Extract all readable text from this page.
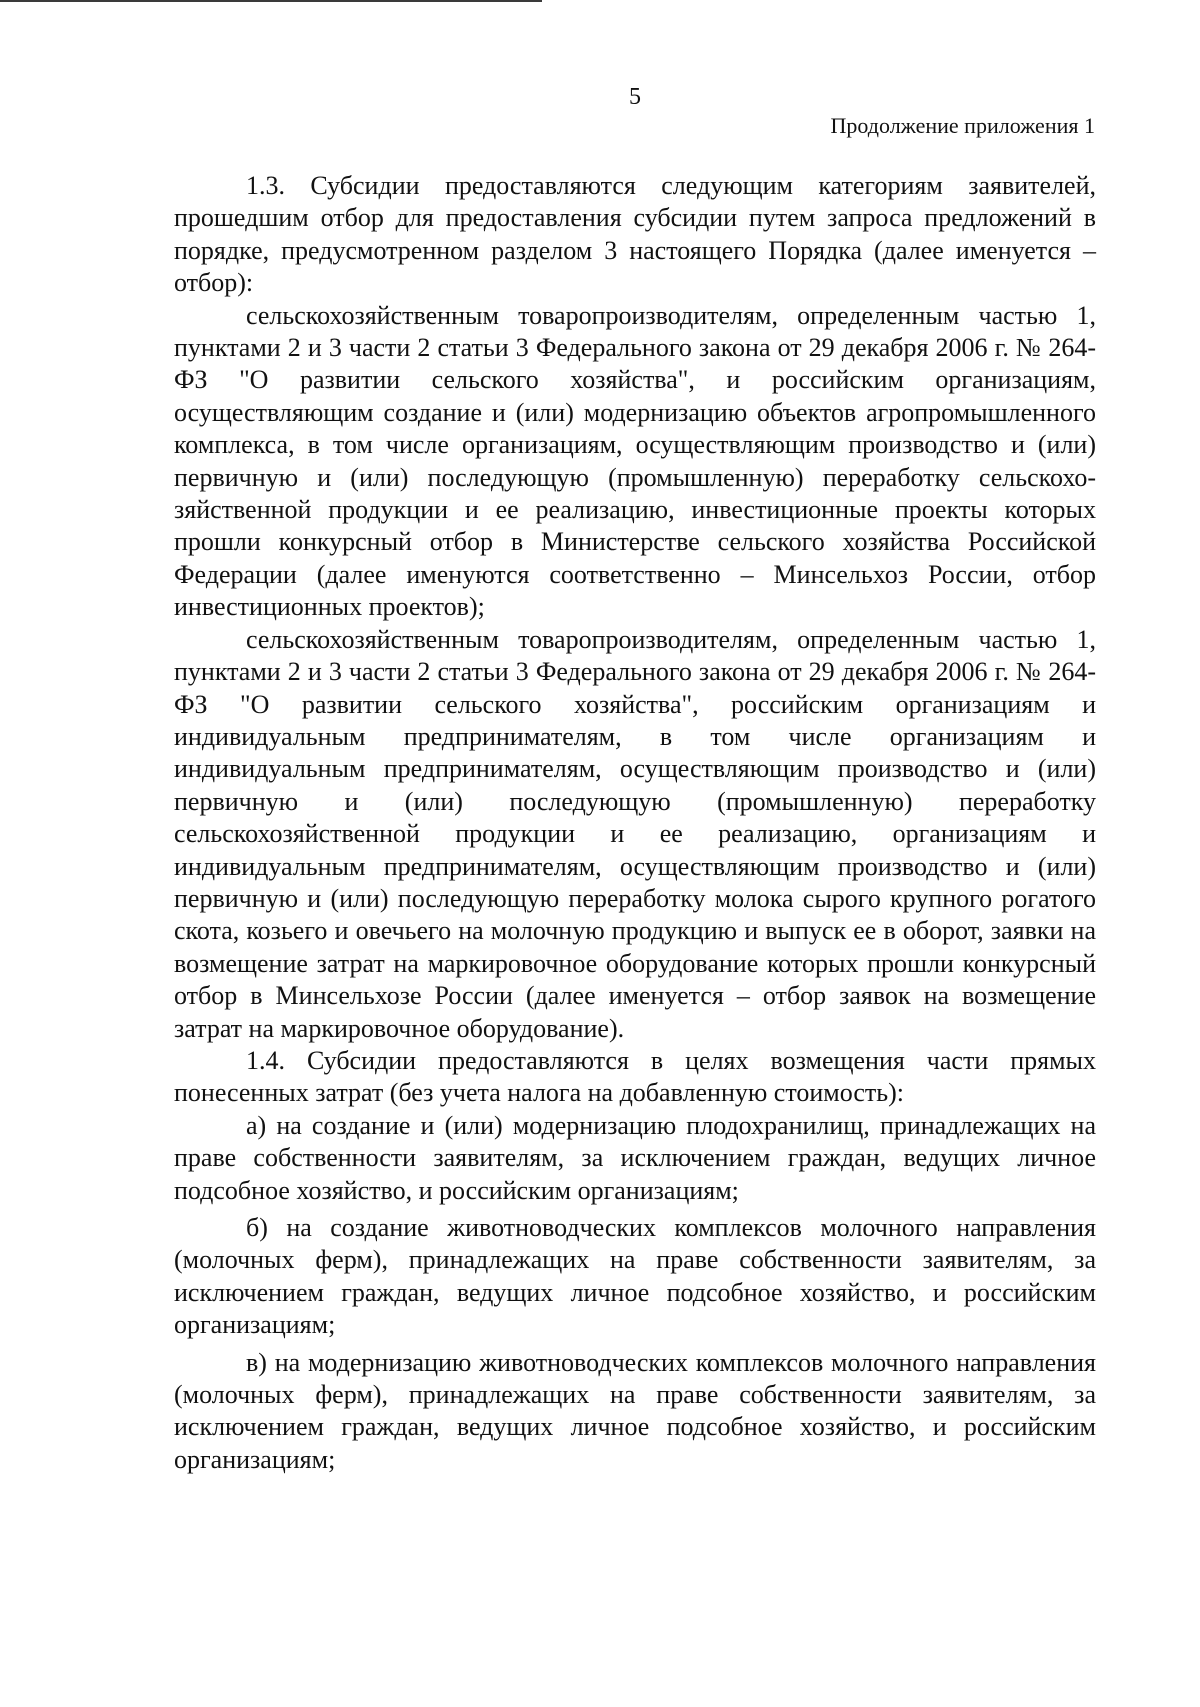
5
Продолжение приложения 1

1.3. Субсидии предоставляются следующим категориям заявителей, прошедшим отбор для предоставления субсидии путем запроса предложений в порядке, предусмотренном разделом 3 настоящего Порядка (далее именуется – отбор):

сельскохозяйственным товаропроизводителям, определенным частью 1, пунктами 2 и 3 части 2 статьи 3 Федерального закона от 29 декабря 2006 г. № 264-ФЗ "О развитии сельского хозяйства", и российским организациям, осуществляющим создание и (или) модернизацию объектов агропромышленного комплекса, в том числе организациям, осуществляющим производство и (или) первичную и (или) последующую (промышленную) переработку сельскохо-зяйственной продукции и ее реализацию, инвестиционные проекты которых прошли конкурсный отбор в Министерстве сельского хозяйства Российской Федерации (далее именуются соответственно – Минсельхоз России, отбор инвестиционных проектов);

сельскохозяйственным товаропроизводителям, определенным частью 1, пунктами 2 и 3 части 2 статьи 3 Федерального закона от 29 декабря 2006 г. № 264-ФЗ "О развитии сельского хозяйства", российским организациям и индивидуальным предпринимателям, в том числе организациям и индивидуальным предпринимателям, осуществляющим производство и (или) первичную и (или) последующую (промышленную) переработку сельскохозяйственной продукции и ее реализацию, организациям и индивидуальным предпринимателям, осуществляющим производство и (или) первичную и (или) последующую переработку молока сырого крупного рогатого скота, козьего и овечьего на молочную продукцию и выпуск ее в оборот, заявки на возмещение затрат на маркировочное оборудование которых прошли конкурсный отбор в Минсельхозе России (далее именуется – отбор заявок на возмещение затрат на маркировочное оборудование).

1.4. Субсидии предоставляются в целях возмещения части прямых понесенных затрат (без учета налога на добавленную стоимость):

а) на создание и (или) модернизацию плодохранилищ, принадлежащих на праве собственности заявителям, за исключением граждан, ведущих личное подсобное хозяйство, и российским организациям;

б) на создание животноводческих комплексов молочного направления (молочных ферм), принадлежащих на праве собственности заявителям, за исключением граждан, ведущих личное подсобное хозяйство, и российским организациям;

в) на модернизацию животноводческих комплексов молочного направления (молочных ферм), принадлежащих на праве собственности заявителям, за исключением граждан, ведущих личное подсобное хозяйство, и российским организациям;
